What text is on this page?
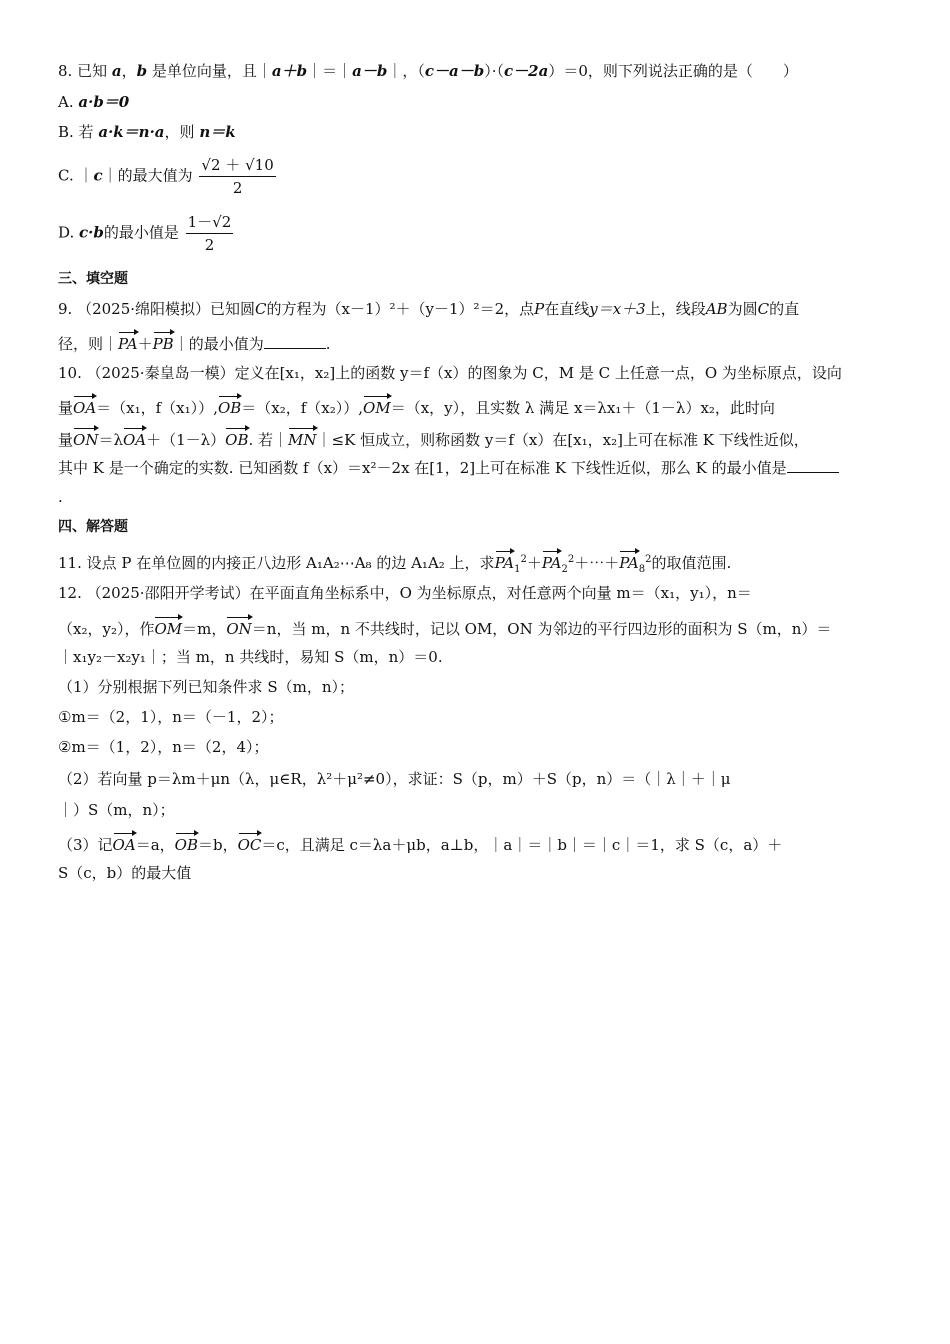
8. 已知 a，b 是单位向量，且｜a＋b｜＝｜a－b｜，（c－a－b）·（c－2a）＝0，则下列说法正确的是（　　）
A. a·b＝0
B. 若 a·k＝n·a，则 n＝k
C. ｜c｜的最大值为 $\frac{√2 + √10}{2}$
D. c·b的最小值是 $\frac{1-√2}{2}$
三、填空题
9. （2025·绵阳模拟）已知圆C的方程为（x－1）²＋（y－1）²＝2，点P在直线y＝x＋3上，线段AB为圆C的直
径，则｜PA＋PB｜的最小值为	.
10. （2025·秦皇岛一模）定义在[x₁，x₂]上的函数 y＝f（x）的图象为 C，M 是 C 上任意一点，O 为坐标原点，设向
量OA＝（x₁，f（x₁））,OB＝（x₂，f（x₂））,OM＝（x，y），且实数 λ 满足 x＝λx₁＋（1－λ）x₂，此时向
量ON＝λOA＋（1－λ）OB. 若｜MN｜≤K 恒成立，则称函数 y＝f（x）在[x₁，x₂]上可在标准 K 下线性近似，
其中 K 是一个确定的实数. 已知函数 f（x）＝x²－2x 在[1，2]上可在标准 K 下线性近似，那么 K 的最小值是
.
四、解答题
11. 设点 P 在单位圆的内接正八边形 A₁A₂⋯A₈ 的边 A₁A₂ 上，求$PA_1^2+PA_2^2+\cdots+PA_8^2$的取值范围.
12. （2025·邵阳开学考试）在平面直角坐标系中，O 为坐标原点，对任意两个向量 m＝（x₁，y₁），n＝
（x₂，y₂），作OM＝m，ON＝n，当 m，n 不共线时，记以 OM，ON 为邻边的平行四边形的面积为 S（m，n）＝
｜x₁y₂－x₂y₁｜；当 m，n 共线时，易知 S（m，n）＝0.
（1）分别根据下列已知条件求 S（m，n）；
①m＝（2，1），n＝（－1，2）；
②m＝（1，2），n＝（2，4）；
（2）若向量 p＝λm＋μn（λ，μ∈R，λ²＋μ²≠0），求证：S（p，m）＋S（p，n）＝（｜λ｜＋｜μ
｜）S（m，n）；
（3）记OA＝a，OB＝b，OC＝c，且满足 c＝λa＋μb，a⊥b，｜a｜＝｜b｜＝｜c｜＝1，求 S（c，a）＋
S（c，b）的最大值
